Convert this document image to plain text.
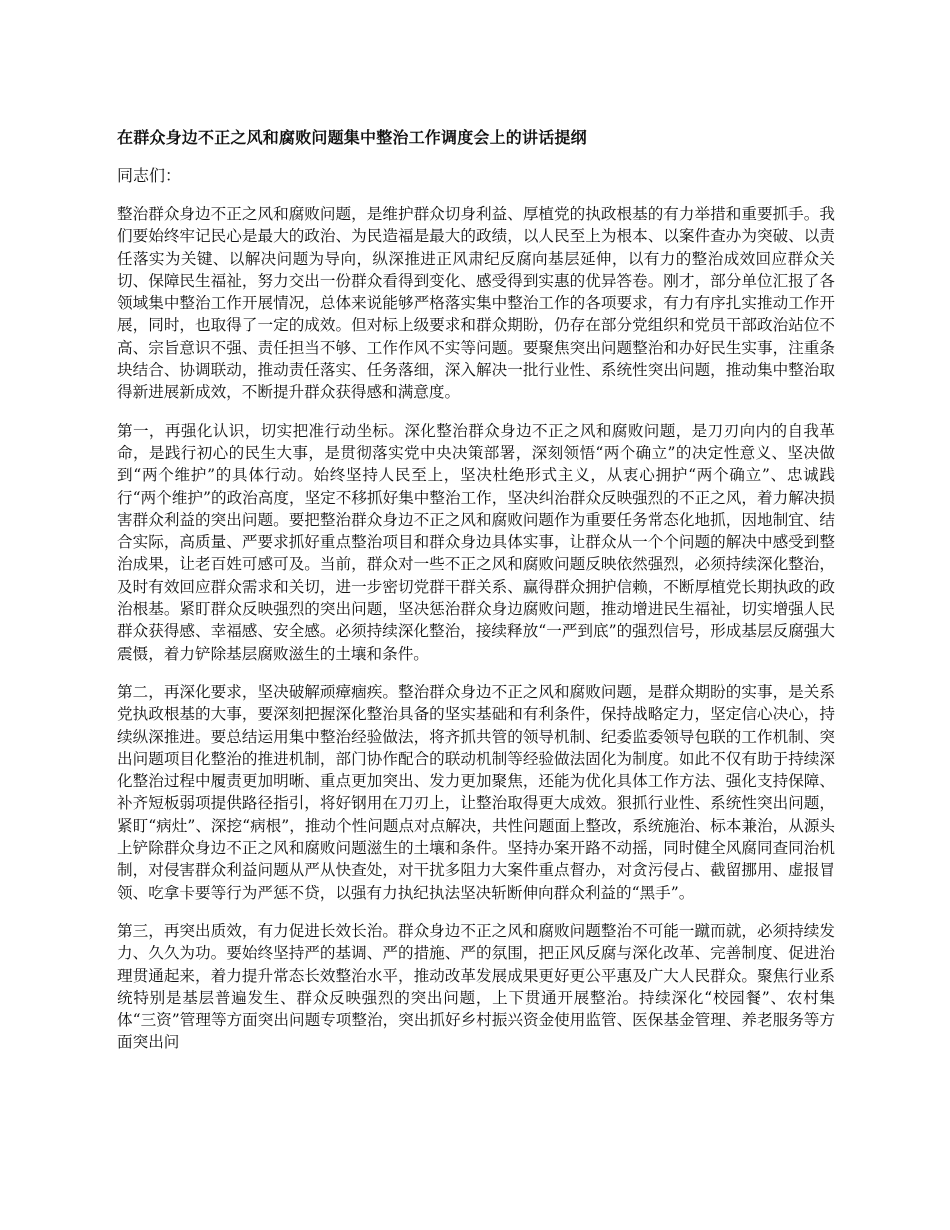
在群众身边不正之风和腐败问题集中整治工作调度会上的讲话提纲
同志们：

整治群众身边不正之风和腐败问题，是维护群众切身利益、厚植党的执政根基的有力举措和重要抓手。我们要始终牢记民心是最大的政治、为民造福是最大的政绩，以人民至上为根本、以案件查办为突破、以责任落实为关键、以解决问题为导向，纵深推进正风肃纪反腐向基层延伸，以有力的整治成效回应群众关切、保障民生福祉，努力交出一份群众看得到变化、感受得到实惠的优异答卷。刚才，部分单位汇报了各领域集中整治工作开展情况，总体来说能够严格落实集中整治工作的各项要求，有力有序扎实推动工作开展，同时，也取得了一定的成效。但对标上级要求和群众期盼，仍存在部分党组织和党员干部政治站位不高、宗旨意识不强、责任担当不够、工作作风不实等问题。要聚焦突出问题整治和办好民生实事，注重条块结合、协调联动，推动责任落实、任务落细，深入解决一批行业性、系统性突出问题，推动集中整治取得新进展新成效，不断提升群众获得感和满意度。

第一，再强化认识，切实把准行动坐标。深化整治群众身边不正之风和腐败问题，是刀刃向内的自我革命，是践行初心的民生大事，是贯彻落实党中央决策部署，深刻领悟“两个确立”的决定性意义、坚决做到“两个维护”的具体行动。始终坚持人民至上，坚决杜绝形式主义，从衷心拥护“两个确立”、忠诚践行“两个维护”的政治高度，坚定不移抓好集中整治工作，坚决纠治群众反映强烈的不正之风，着力解决损害群众利益的突出问题。要把整治群众身边不正之风和腐败问题作为重要任务常态化地抓，因地制宜、结合实际，高质量、严要求抓好重点整治项目和群众身边具体实事，让群众从一个个问题的解决中感受到整治成果，让老百姓可感可及。当前，群众对一些不正之风和腐败问题反映依然强烈，必须持续深化整治，及时有效回应群众需求和关切，进一步密切党群干群关系、赢得群众拥护信赖，不断厚植党长期执政的政治根基。紧盯群众反映强烈的突出问题，坚决惩治群众身边腐败问题，推动增进民生福祉，切实增强人民群众获得感、幸福感、安全感。必须持续深化整治，接续释放“一严到底”的强烈信号，形成基层反腐强大震慑，着力铲除基层腐败滋生的土壤和条件。

第二，再深化要求，坚决破解顽瘴痼疾。整治群众身边不正之风和腐败问题，是群众期盼的实事，是关系党执政根基的大事，要深刻把握深化整治具备的坚实基础和有利条件，保持战略定力，坚定信心决心，持续纵深推进。要总结运用集中整治经验做法，将齐抓共管的领导机制、纪委监委领导包联的工作机制、突出问题项目化整治的推进机制，部门协作配合的联动机制等经验做法固化为制度。如此不仅有助于持续深化整治过程中履责更加明晰、重点更加突出、发力更加聚焦，还能为优化具体工作方法、强化支持保障、补齐短板弱项提供路径指引，将好钢用在刀刃上，让整治取得更大成效。狠抓行业性、系统性突出问题，紧盯“病灶”、深挖“病根”，推动个性问题点对点解决，共性问题面上整改，系统施治、标本兼治，从源头上铲除群众身边不正之风和腐败问题滋生的土壤和条件。坚持办案开路不动摇，同时健全风腐同查同治机制，对侵害群众利益问题从严从快查处，对干扰多阻力大案件重点督办，对贪污侵占、截留挪用、虚报冒领、吃拿卡要等行为严惩不贷，以强有力执纪执法坚决斩断伸向群众利益的“黑手”。

第三，再突出质效，有力促进长效长治。群众身边不正之风和腐败问题整治不可能一蹴而就，必须持续发力、久久为功。要始终坚持严的基调、严的措施、严的氛围，把正风反腐与深化改革、完善制度、促进治理贯通起来，着力提升常态长效整治水平，推动改革发展成果更好更公平惠及广大人民群众。聚焦行业系统特别是基层普遍发生、群众反映强烈的突出问题，上下贯通开展整治。持续深化“校园餐”、农村集体“三资”管理等方面突出问题专项整治，突出抓好乡村振兴资金使用监管、医保基金管理、养老服务等方面突出问
